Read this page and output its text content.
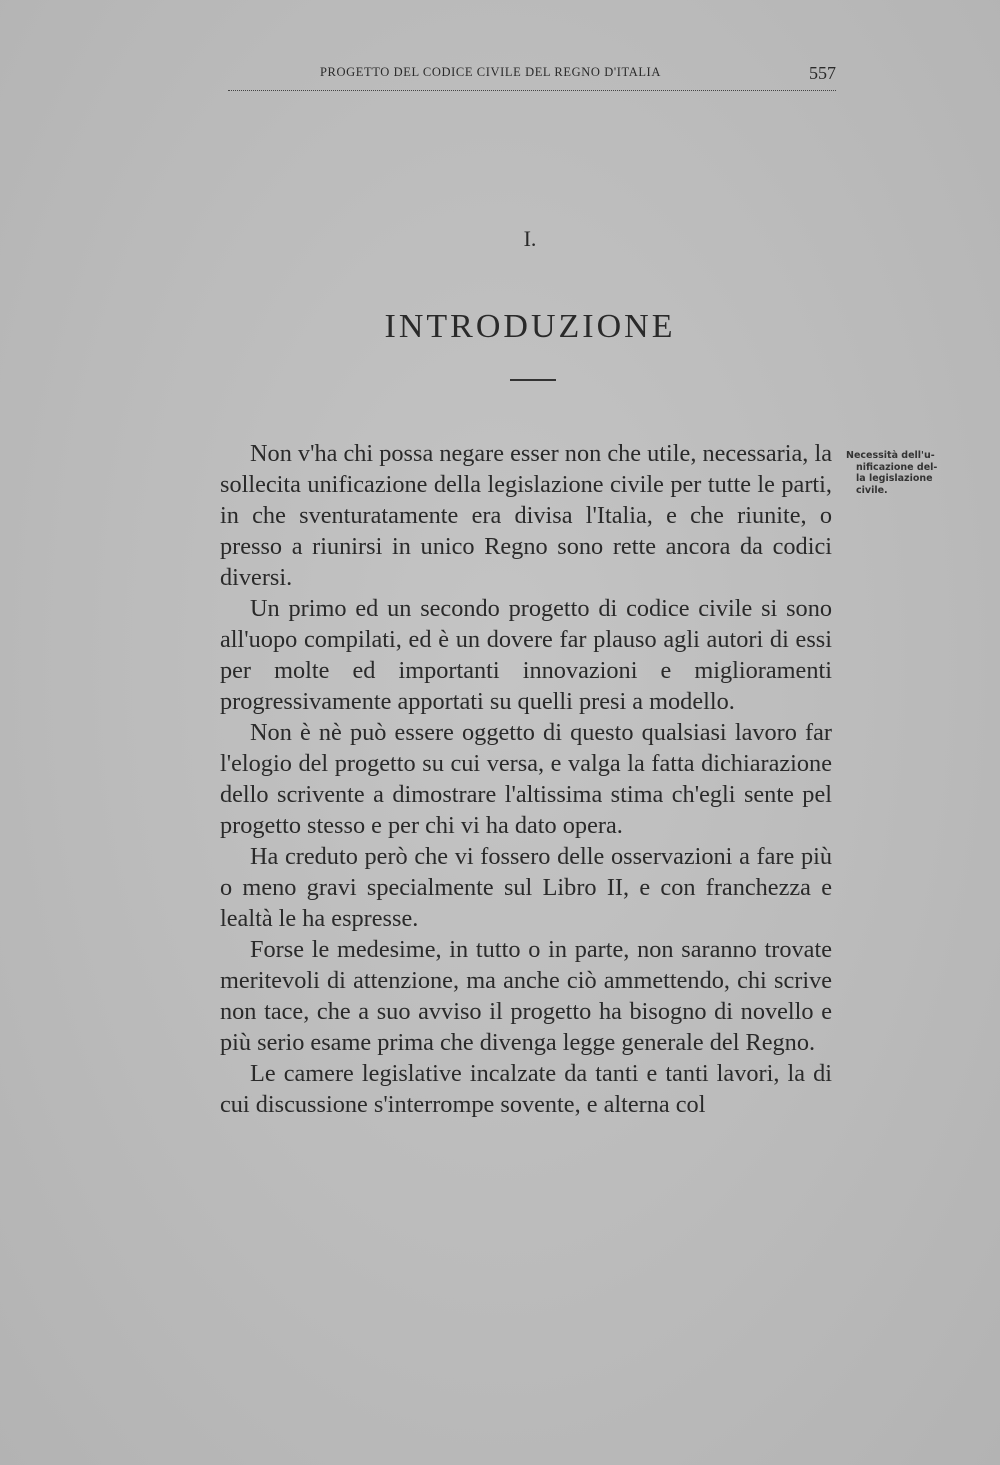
PROGETTO DEL CODICE CIVILE DEL REGNO D'ITALIA	557
I.
INTRODUZIONE
Necessità dell'u-
nificazione del-
la legislazione
civile.

Non v'ha chi possa negare esser non che utile, necessaria, la sollecita unificazione della legislazione civile per tutte le parti, in che sventuratamente era divisa l'Italia, e che riunite, o presso a riunirsi in unico Regno sono rette ancora da codici diversi.

Un primo ed un secondo progetto di codice civile si sono all'uopo compilati, ed è un dovere far plauso agli autori di essi per molte ed importanti innovazioni e miglioramenti progressivamente apportati su quelli presi a modello.

Non è nè può essere oggetto di questo qualsiasi lavoro far l'elogio del progetto su cui versa, e valga la fatta dichiarazione dello scrivente a dimostrare l'altissima stima ch'egli sente pel progetto stesso e per chi vi ha dato opera.

Ha creduto però che vi fossero delle osservazioni a fare più o meno gravi specialmente sul Libro II, e con franchezza e lealtà le ha espresse.

Forse le medesime, in tutto o in parte, non saranno trovate meritevoli di attenzione, ma anche ciò ammettendo, chi scrive non tace, che a suo avviso il progetto ha bisogno di novello e più serio esame prima che divenga legge generale del Regno.

Le camere legislative incalzate da tanti e tanti lavori, la di cui discussione s'interrompe sovente, e alterna col
